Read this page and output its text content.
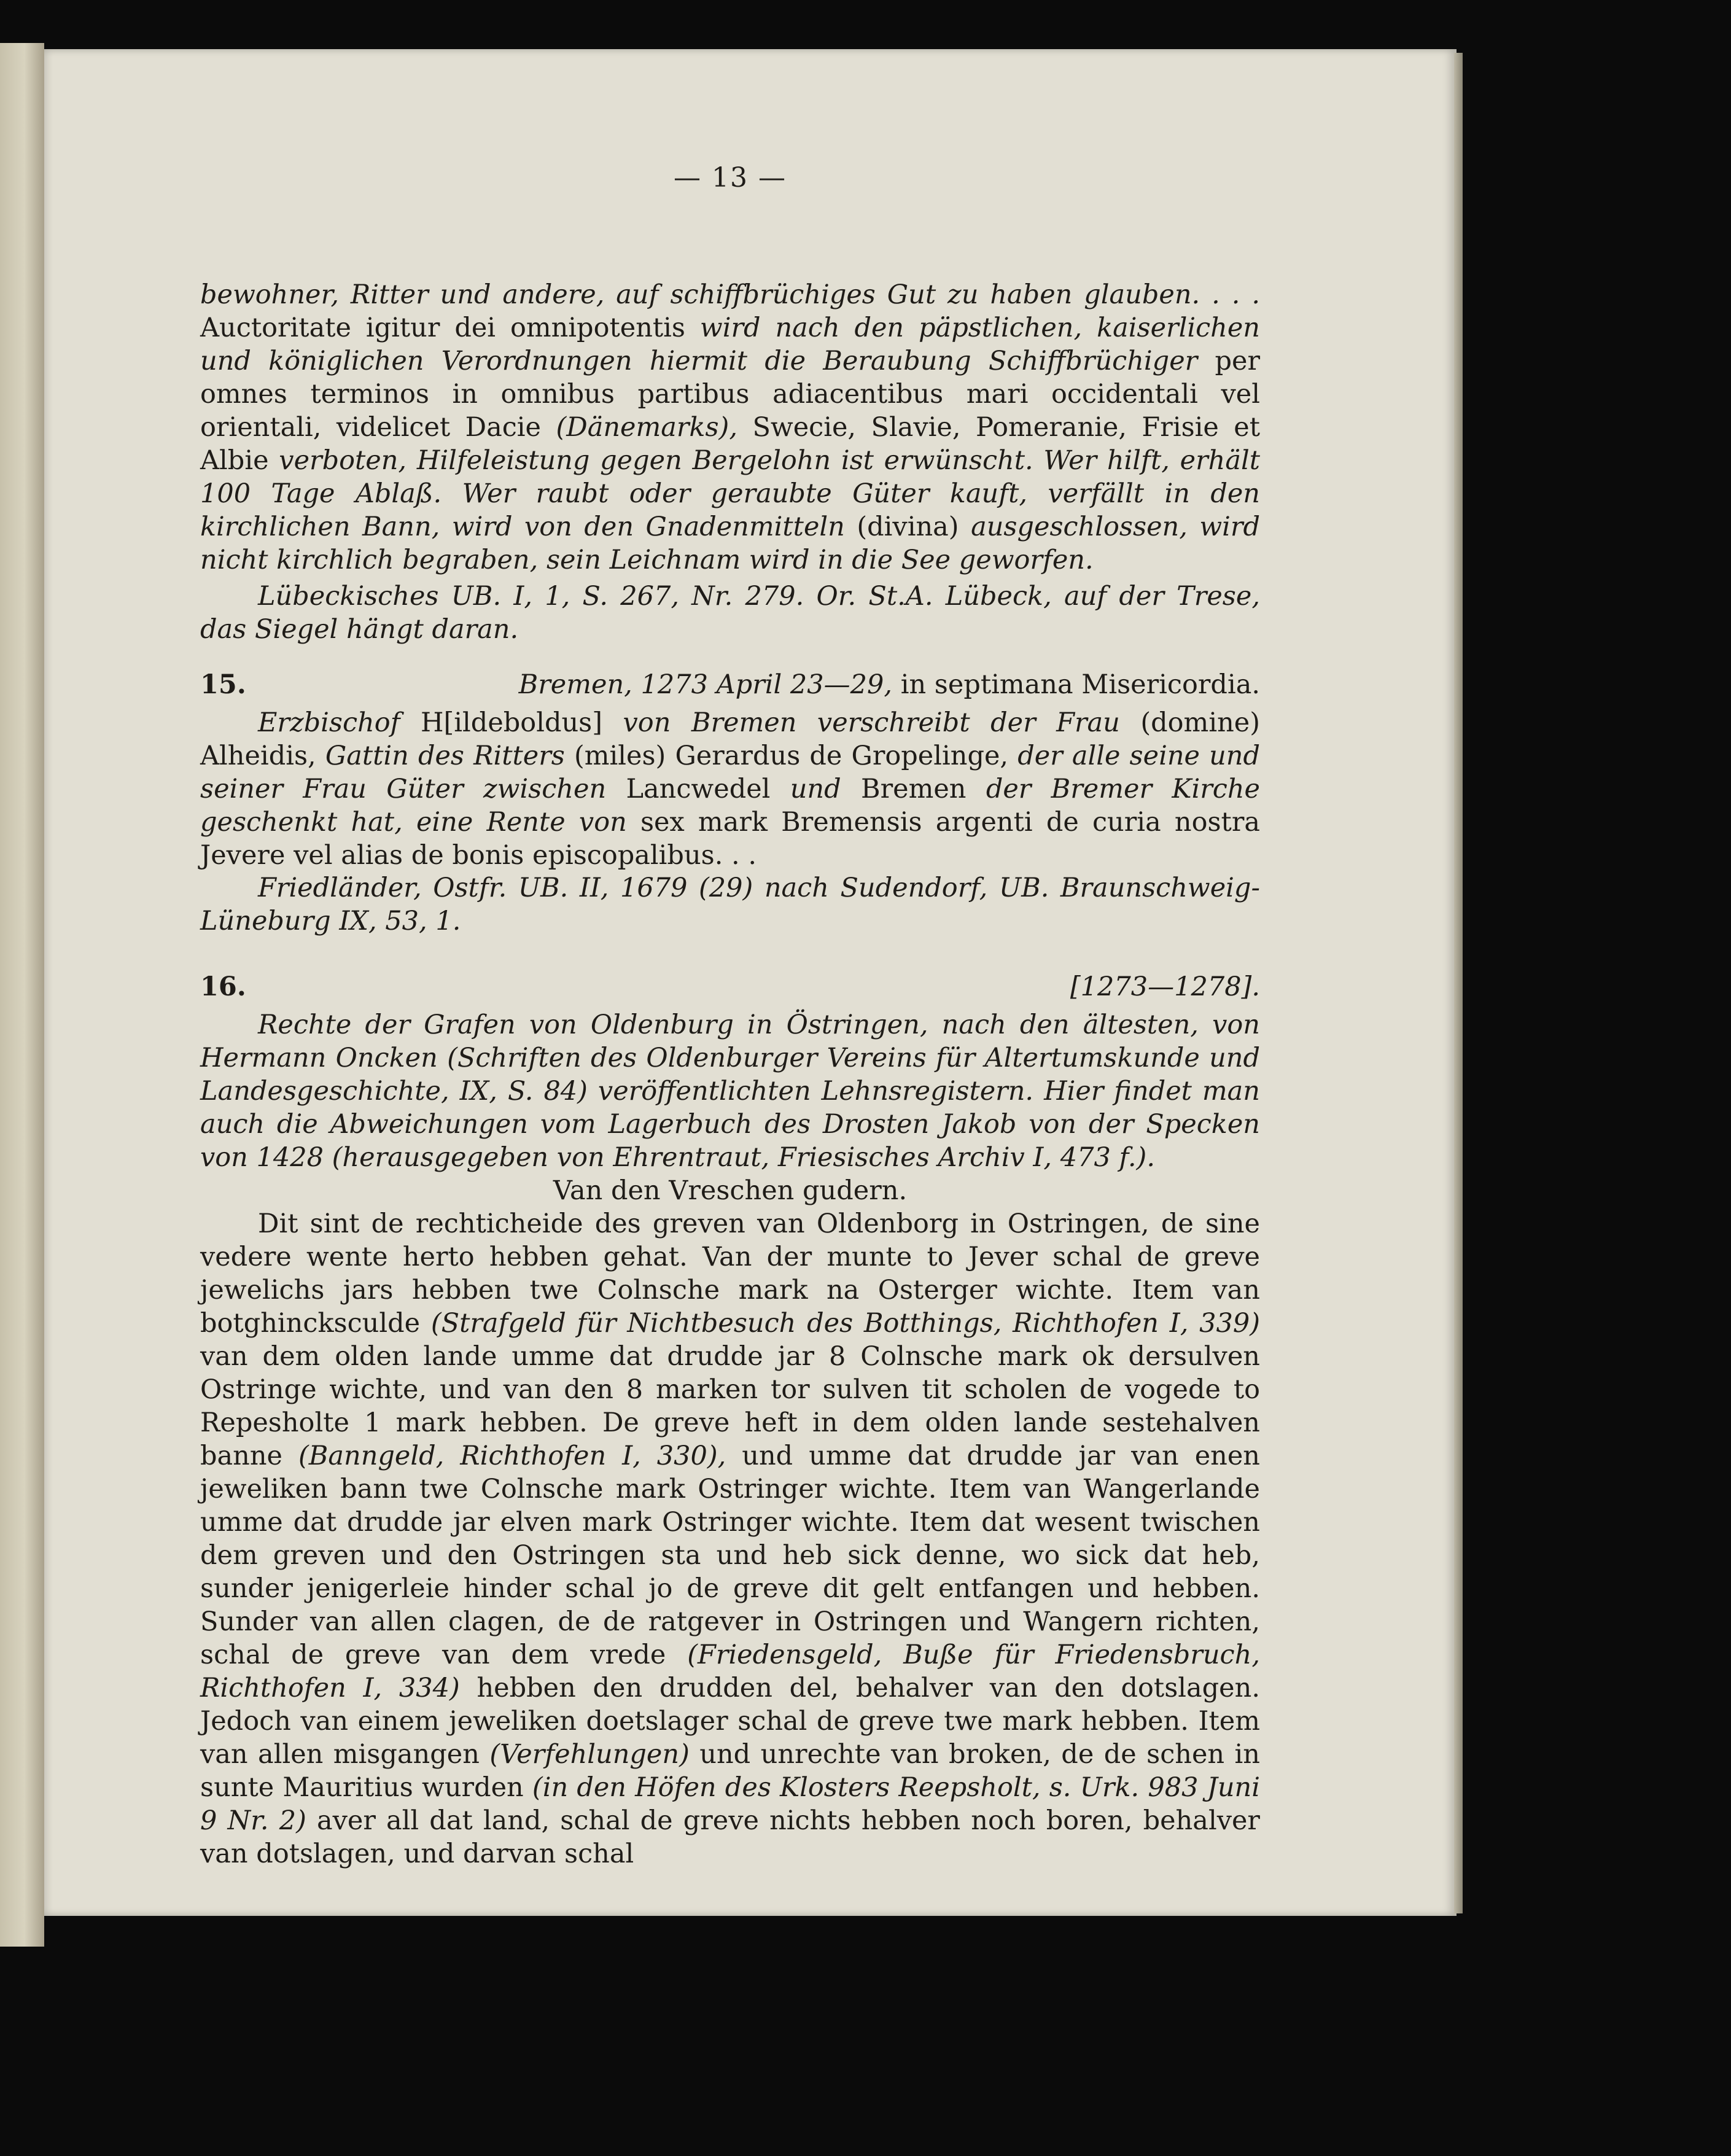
— 13 —

bewohner, Ritter und andere, auf schiffbrüchiges Gut zu haben glauben. . . . Auctoritate igitur dei omnipotentis wird nach den päpstlichen, kaiserlichen und königlichen Verordnungen hiermit die Beraubung Schiffbrüchiger per omnes terminos in omnibus partibus adiacentibus mari occidentali vel orientali, videlicet Dacie (Dänemarks), Swecie, Slavie, Pomeranie, Frisie et Albie verboten, Hilfeleistung gegen Bergelohn ist erwünscht. Wer hilft, erhält 100 Tage Ablaß. Wer raubt oder geraubte Güter kauft, verfällt in den kirchlichen Bann, wird von den Gnadenmitteln (divina) ausgeschlossen, wird nicht kirchlich begraben, sein Leichnam wird in die See geworfen.

Lübeckisches UB. I, 1, S. 267, Nr. 279. Or. St.A. Lübeck, auf der Trese, das Siegel hängt daran.

15.	Bremen, 1273 April 23—29, in septimana Misericordia.

Erzbischof H[ildeboldus] von Bremen verschreibt der Frau (domine) Alheidis, Gattin des Ritters (miles) Gerardus de Gropelinge, der alle seine und seiner Frau Güter zwischen Lancwedel und Bremen der Bremer Kirche geschenkt hat, eine Rente von sex mark Bremensis argenti de curia nostra Jevere vel alias de bonis episcopalibus. . .

Friedländer, Ostfr. UB. II, 1679 (29) nach Sudendorf, UB. Braunschweig-Lüneburg IX, 53, 1.

16.	[1273—1278].

Rechte der Grafen von Oldenburg in Östringen, nach den ältesten, von Hermann Oncken (Schriften des Oldenburger Vereins für Altertumskunde und Landesgeschichte, IX, S. 84) veröffentlichten Lehnsregistern. Hier findet man auch die Abweichungen vom Lagerbuch des Drosten Jakob von der Specken von 1428 (herausgegeben von Ehrentraut, Friesisches Archiv I, 473 f.).

Van den Vreschen gudern.

Dit sint de rechticheide des greven van Oldenborg in Ostringen, de sine vedere wente herto hebben gehat. Van der munte to Jever schal de greve jewelichs jars hebben twe Colnsche mark na Osterger wichte. Item van botghincksculde (Strafgeld für Nichtbesuch des Botthings, Richthofen I, 339) van dem olden lande umme dat drudde jar 8 Colnsche mark ok dersulven Ostringe wichte, und van den 8 marken tor sulven tit scholen de vogede to Repesholte 1 mark hebben. De greve heft in dem olden lande sestehalven banne (Banngeld, Richthofen I, 330), und umme dat drudde jar van enen jeweliken bann twe Colnsche mark Ostringer wichte. Item van Wangerlande umme dat drudde jar elven mark Ostringer wichte. Item dat wesent twischen dem greven und den Ostringen sta und heb sick denne, wo sick dat heb, sunder jenigerleie hinder schal jo de greve dit gelt entfangen und hebben. Sunder van allen clagen, de de ratgever in Ostringen und Wangern richten, schal de greve van dem vrede (Friedensgeld, Buße für Friedensbruch, Richthofen I, 334) hebben den drudden del, behalver van den dotslagen. Jedoch van einem jeweliken doetslager schal de greve twe mark hebben. Item van allen misgangen (Verfehlungen) und unrechte van broken, de de schen in sunte Mauritius wurden (in den Höfen des Klosters Reepsholt, s. Urk. 983 Juni 9 Nr. 2) aver all dat land, schal de greve nichts hebben noch boren, behalver van dotslagen, und darvan schal
